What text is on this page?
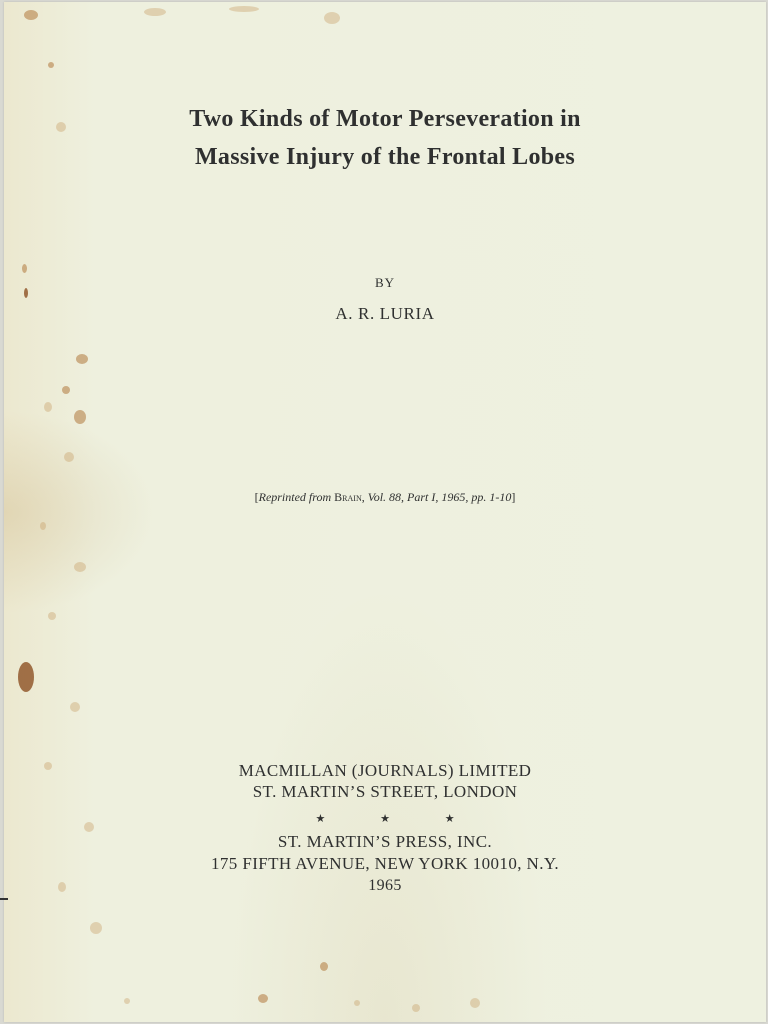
Two Kinds of Motor Perseveration in
Massive Injury of the Frontal Lobes
BY
A. R. LURIA
[Reprinted from Brain, Vol. 88, Part I, 1965, pp. 1-10]
MACMILLAN (JOURNALS) LIMITED
ST. MARTIN’S STREET, LONDON
★	★	★
ST. MARTIN’S PRESS, INC.
175 FIFTH AVENUE, NEW YORK 10010, N.Y.
1965
